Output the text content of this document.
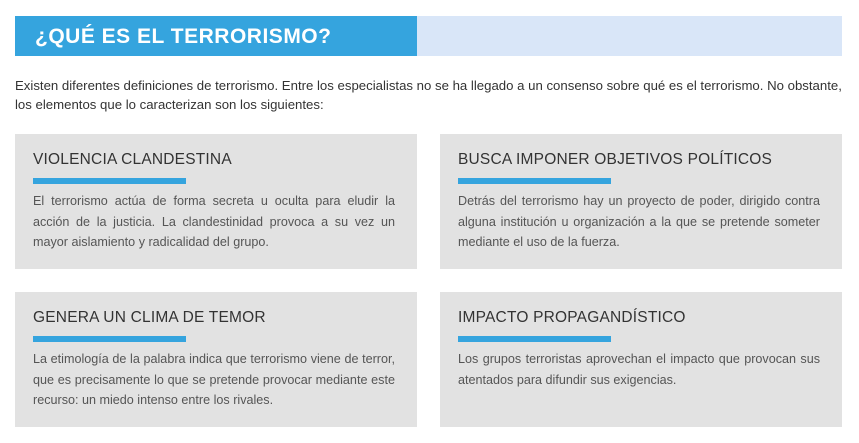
¿QUÉ ES EL TERRORISMO?

Existen diferentes definiciones de terrorismo. Entre los especialistas no se ha llegado a un consenso sobre qué es el terrorismo. No obstante, los elementos que lo caracterizan son los siguientes:

VIOLENCIA CLANDESTINA
El terrorismo actúa de forma secreta u oculta para eludir la acción de la justicia. La clandestinidad provoca a su vez un mayor aislamiento y radicalidad del grupo.
BUSCA IMPONER OBJETIVOS POLÍTICOS
Detrás del terrorismo hay un proyecto de poder, dirigido contra alguna institución u organización a la que se pretende someter mediante el uso de la fuerza.
GENERA UN CLIMA DE TEMOR
La etimología de la palabra indica que terrorismo viene de terror, que es precisamente lo que se pretende provocar mediante este recurso: un miedo intenso entre los rivales.
IMPACTO PROPAGANDÍSTICO
Los grupos terroristas aprovechan el impacto que provocan sus atentados para difundir sus exigencias.
